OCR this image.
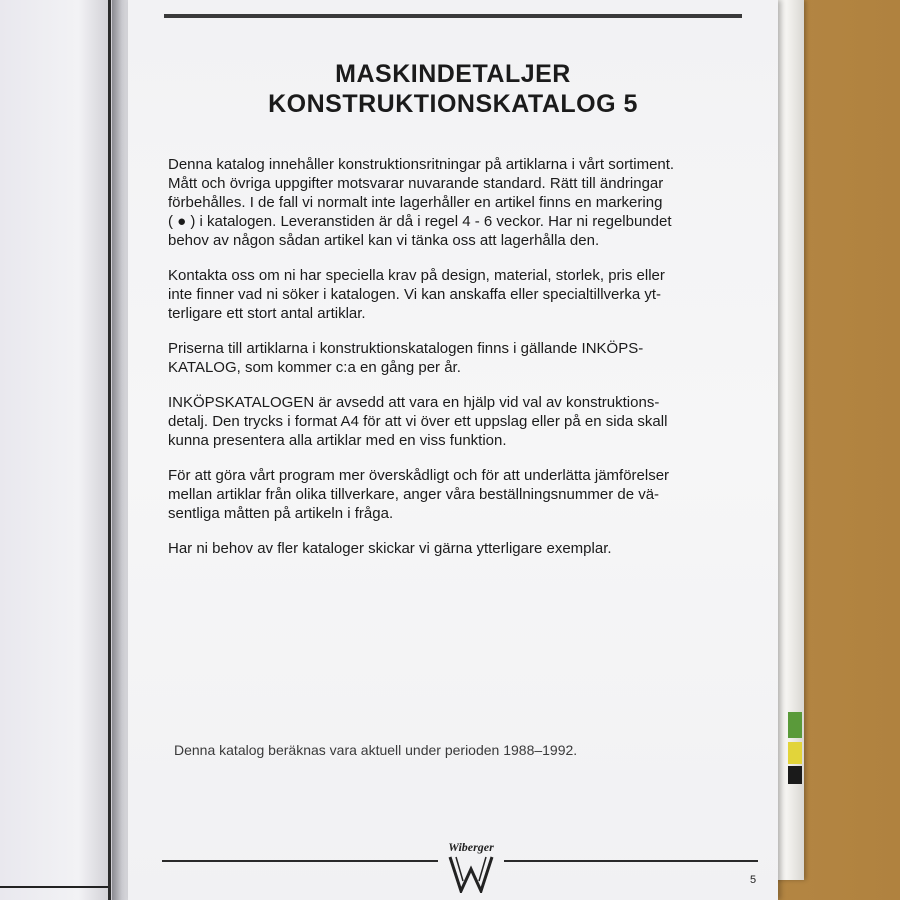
MASKINDETALJER
KONSTRUKTIONSKATALOG 5

Denna katalog innehåller konstruktionsritningar på artiklarna i vårt sortiment.
Mått och övriga uppgifter motsvarar nuvarande standard. Rätt till ändringar
förbehålles. I de fall vi normalt inte lagerhåller en artikel finns en markering
( ● ) i katalogen. Leveranstiden är då i regel 4 - 6 veckor. Har ni regelbundet
behov av någon sådan artikel kan vi tänka oss att lagerhålla den.

Kontakta oss om ni har speciella krav på design, material, storlek, pris eller
inte finner vad ni söker i katalogen. Vi kan anskaffa eller specialtillverka yt-
terligare ett stort antal artiklar.

Priserna till artiklarna i konstruktionskatalogen finns i gällande INKÖPS-
KATALOG, som kommer c:a en gång per år.

INKÖPSKATALOGEN är avsedd att vara en hjälp vid val av konstruktions-
detalj. Den trycks i format A4 för att vi över ett uppslag eller på en sida skall
kunna presentera alla artiklar med en viss funktion.

För att göra vårt program mer överskådligt och för att underlätta jämförelser
mellan artiklar från olika tillverkare, anger våra beställningsnummer de vä-
sentliga måtten på artikeln i fråga.

Har ni behov av fler kataloger skickar vi gärna ytterligare exemplar.

Denna katalog beräknas vara aktuell under perioden 1988–1992.

Wiberger
5
